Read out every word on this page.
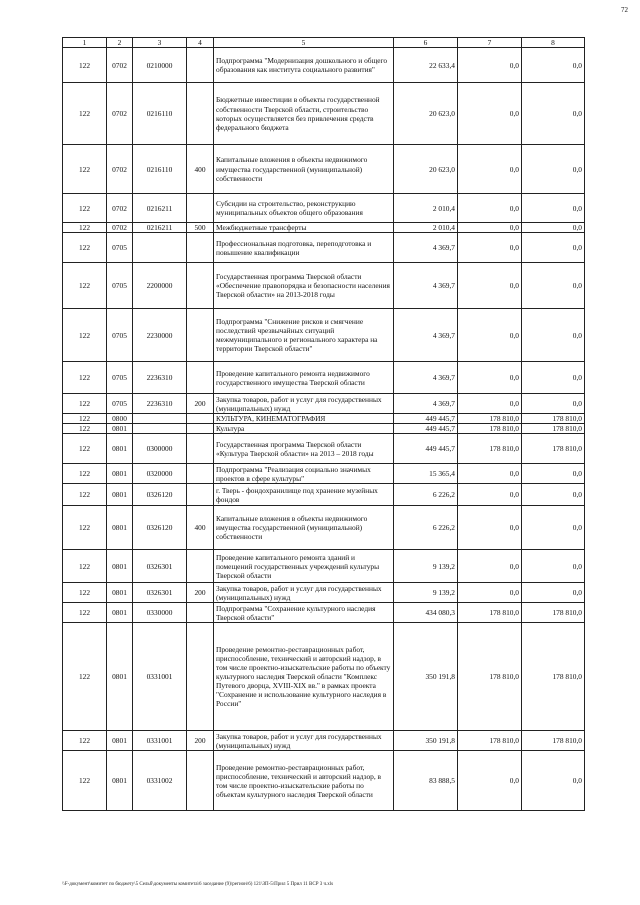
72
1	2	3	4	5	6	7	8
122	0702	0210000		Подпрограмма "Модернизация дошкольного и общего образования как института социального развития"	22 633,4	0,0	0,0
122	0702	0216110		Бюджетные инвестиции в объекты государственной собственности Тверской области, строительство которых осуществляется без привлечения средств федерального бюджета	20 623,0	0,0	0,0
122	0702	0216110	400	Капитальные вложения в объекты недвижимого имущества государственной (муниципальной) собственности	20 623,0	0,0	0,0
122	0702	0216211		Субсидии на строительство, реконструкцию муниципальных объектов общего образования	2 010,4	0,0	0,0
122	0702	0216211	500	Межбюджетные трансферты	2 010,4	0,0	0,0
122	0705			Профессиональная подготовка, переподготовка и повышение квалификации	4 369,7	0,0	0,0
122	0705	2200000		Государственная программа Тверской области «Обеспечение правопорядка и безопасности населения Тверской области» на 2013-2018 годы	4 369,7	0,0	0,0
122	0705	2230000		Подпрограмма "Снижение рисков и смягчение последствий чрезвычайных ситуаций межмуниципального и регионального характера на территории Тверской области"	4 369,7	0,0	0,0
122	0705	2236310		Проведение капитального ремонта недвижимого государственного имущества Тверской области	4 369,7	0,0	0,0
122	0705	2236310	200	Закупка товаров, работ и услуг для государственных (муниципальных) нужд	4 369,7	0,0	0,0
122	0800			КУЛЬТУРА, КИНЕМАТОГРАФИЯ	449 445,7	178 810,0	178 810,0
122	0801			Культура	449 445,7	178 810,0	178 810,0
122	0801	0300000		Государственная программа Тверской области «Культура Тверской области» на 2013 – 2018 годы	449 445,7	178 810,0	178 810,0
122	0801	0320000		Подпрограмма "Реализация социально значимых проектов в сфере культуры"	15 365,4	0,0	0,0
122	0801	0326120		г. Тверь - фондохранилище под хранение музейных фондов	6 226,2	0,0	0,0
122	0801	0326120	400	Капитальные вложения в объекты недвижимого имущества государственной (муниципальной) собственности	6 226,2	0,0	0,0
122	0801	0326301		Проведение капитального ремонта зданий и помещений государственных учреждений культуры Тверской области	9 139,2	0,0	0,0
122	0801	0326301	200	Закупка товаров, работ и услуг для государственных (муниципальных) нужд	9 139,2	0,0	0,0
122	0801	0330000		Подпрограмма "Сохранение культурного наследия Тверской области"	434 080,3	178 810,0	178 810,0
122	0801	0331001		Проведение ремонтно-реставрационных работ, приспособление, технический и авторский надзор, в том числе проектно-изыскательские работы по объекту культурного наследия Тверской области "Комплекс Путевого дворца, XVIII-XIX вв." в рамках проекта "Сохранение и использование культурного наследия в России"	350 191,8	178 810,0	178 810,0
122	0801	0331001	200	Закупка товаров, работ и услуг для государственных (муниципальных) нужд	350 191,8	178 810,0	178 810,0
122	0801	0331002		Проведение ремонтно-реставрационных работ, приспособление, технический и авторский надзор, в том числе проектно-изыскательские работы по объектам культурного наследия Тверской области	83 888,5	0,0	0,0
\\F-документ\комитет по бюджету\5 Сельб\документы комитета\6 заседание (9)\регион\6) 121\ЗП-5\Прил 5 Прил 11 ВСР 3 ч.xls
